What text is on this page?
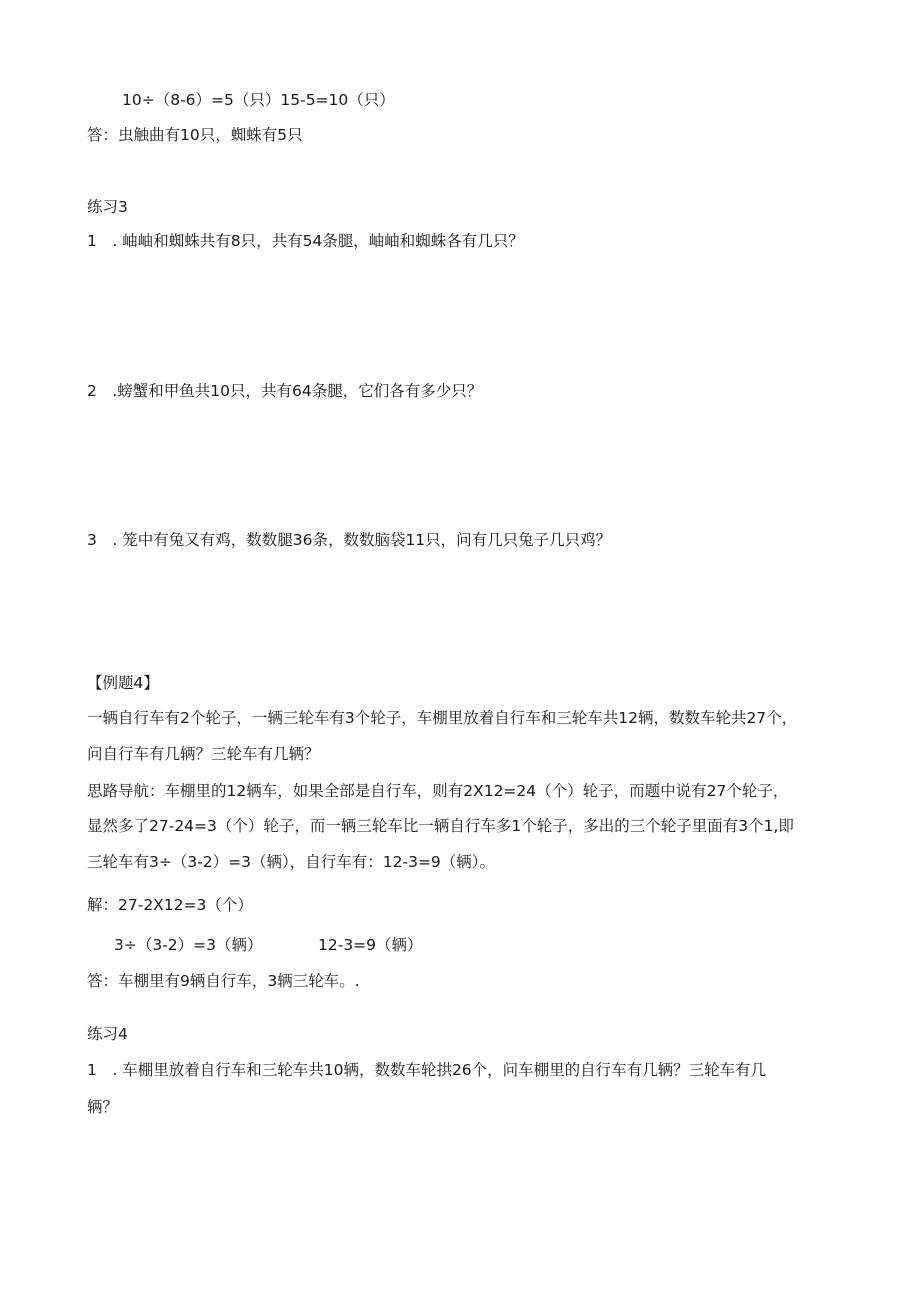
10÷（8-6）=5（只）15-5=10（只）
答：虫触曲有10只，蜘蛛有5只
练习3
1　. 岫岫和蜘蛛共有8只，共有54条腿，岫岫和蜘蛛各有几只？
2　.螃蟹和甲鱼共10只，共有64条腿，它们各有多少只？
3　. 笼中有兔又有鸡，数数腿36条，数数脑袋11只，问有几只兔子几只鸡？
【例题4】
一辆自行车有2个轮子，一辆三轮车有3个轮子，车棚里放着自行车和三轮车共12辆，数数车轮共27个，
问自行车有几辆？三轮车有几辆？
思路导航：车棚里的12辆车，如果全部是自行车，则有2X12=24（个）轮子，而题中说有27个轮子，
显然多了27-24=3（个）轮子，而一辆三轮车比一辆自行车多1个轮子，多出的三个轮子里面有3个1,即
三轮车有3÷（3-2）=3（辆），自行车有：12-3=9（辆）。
解：27-2X12=3（个）
3÷（3-2）=3（辆）	12-3=9（辆）
答：车棚里有9辆自行车，3辆三轮车。.
练习4
1　. 车棚里放着自行车和三轮车共10辆，数数车轮拱26个，问车棚里的自行车有几辆？三轮车有几
辆？
